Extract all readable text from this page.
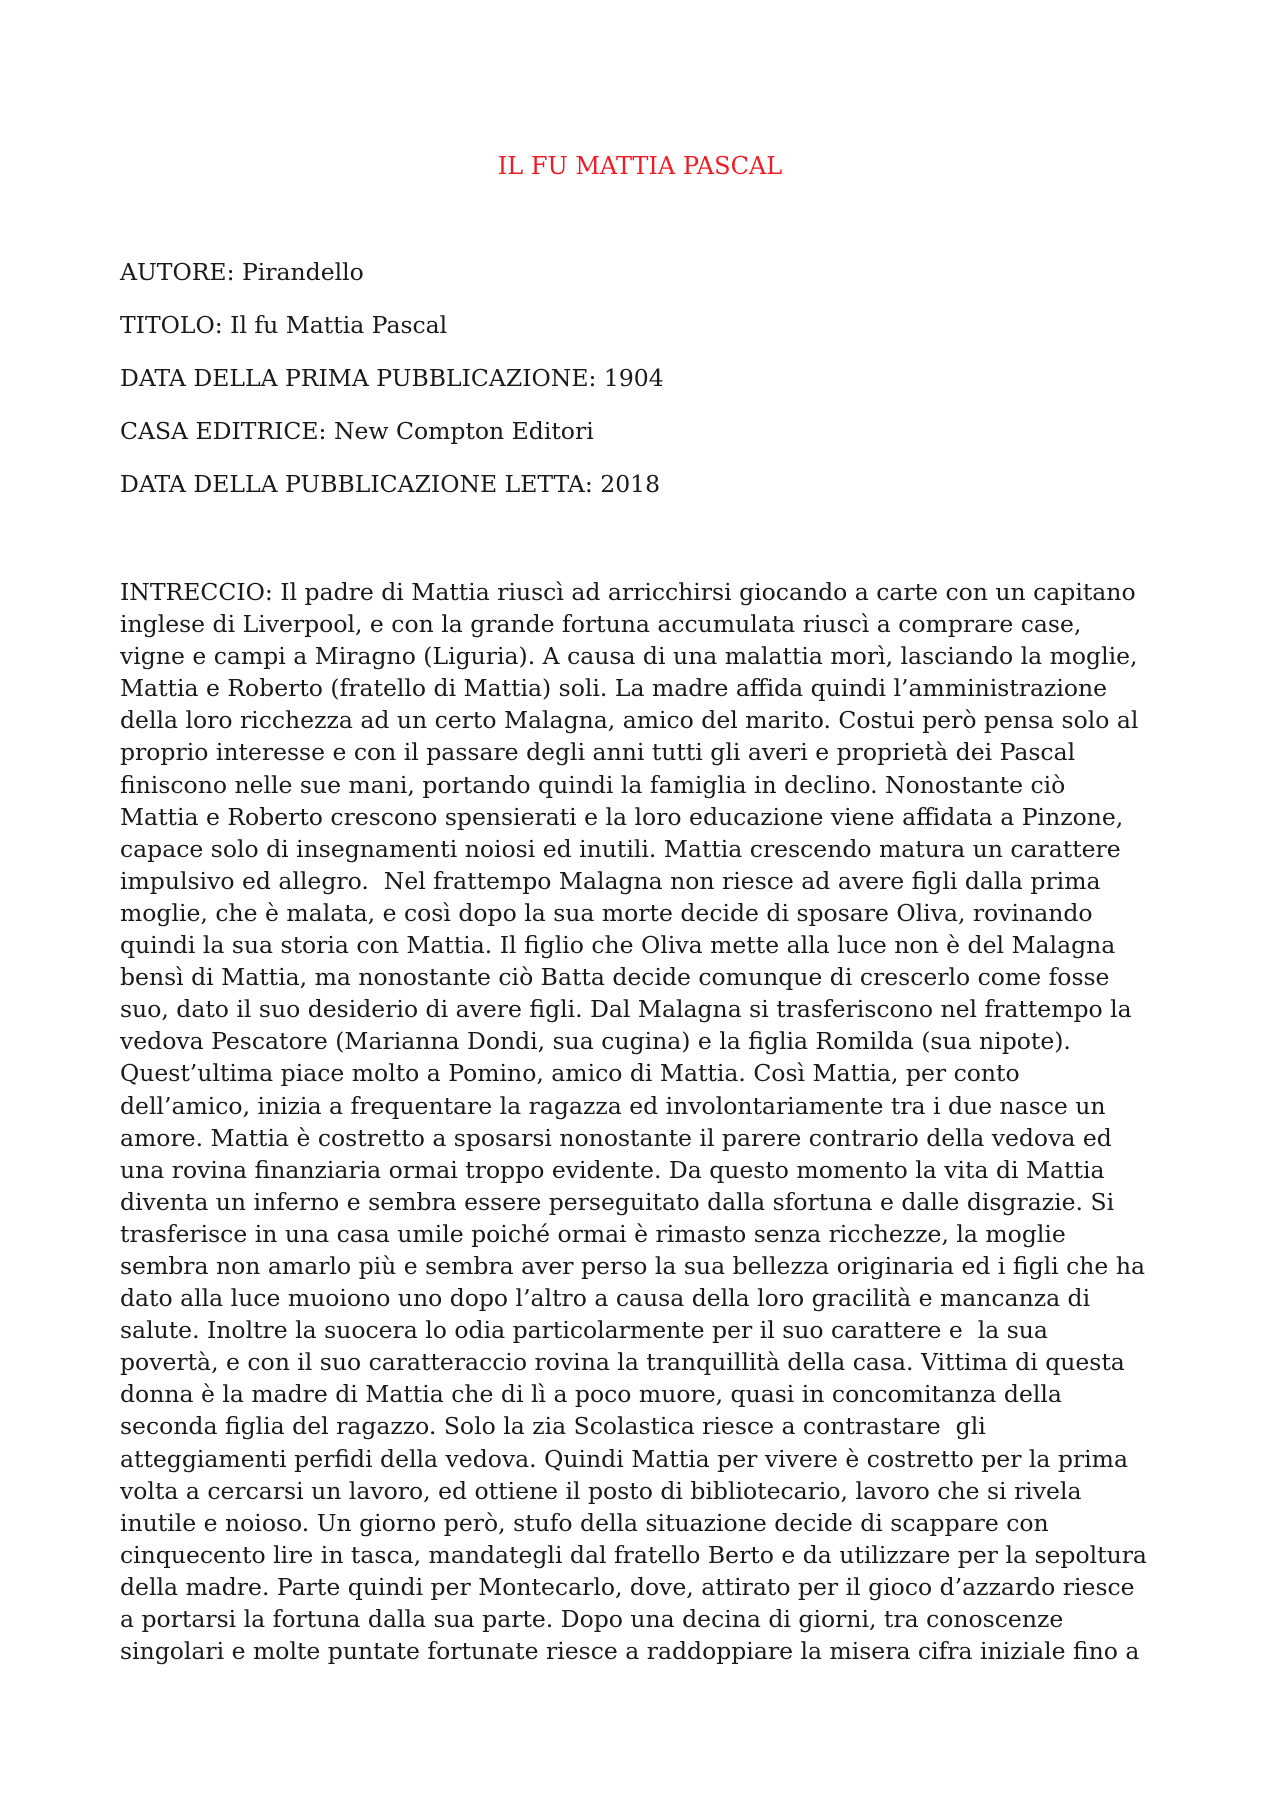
IL FU MATTIA PASCAL
AUTORE: Pirandello
TITOLO: Il fu Mattia Pascal
DATA DELLA PRIMA PUBBLICAZIONE: 1904
CASA EDITRICE: New Compton Editori
DATA DELLA PUBBLICAZIONE LETTA: 2018
INTRECCIO: Il padre di Mattia riuscì ad arricchirsi giocando a carte con un capitano
inglese di Liverpool, e con la grande fortuna accumulata riuscì a comprare case,
vigne e campi a Miragno (Liguria). A causa di una malattia morì, lasciando la moglie,
Mattia e Roberto (fratello di Mattia) soli. La madre affida quindi l’amministrazione
della loro ricchezza ad un certo Malagna, amico del marito. Costui però pensa solo al
proprio interesse e con il passare degli anni tutti gli averi e proprietà dei Pascal
finiscono nelle sue mani, portando quindi la famiglia in declino. Nonostante ciò
Mattia e Roberto crescono spensierati e la loro educazione viene affidata a Pinzone,
capace solo di insegnamenti noiosi ed inutili. Mattia crescendo matura un carattere
impulsivo ed allegro.  Nel frattempo Malagna non riesce ad avere figli dalla prima
moglie, che è malata, e così dopo la sua morte decide di sposare Oliva, rovinando
quindi la sua storia con Mattia. Il figlio che Oliva mette alla luce non è del Malagna
bensì di Mattia, ma nonostante ciò Batta decide comunque di crescerlo come fosse
suo, dato il suo desiderio di avere figli. Dal Malagna si trasferiscono nel frattempo la
vedova Pescatore (Marianna Dondi, sua cugina) e la figlia Romilda (sua nipote).
Quest’ultima piace molto a Pomino, amico di Mattia. Così Mattia, per conto
dell’amico, inizia a frequentare la ragazza ed involontariamente tra i due nasce un
amore. Mattia è costretto a sposarsi nonostante il parere contrario della vedova ed
una rovina finanziaria ormai troppo evidente. Da questo momento la vita di Mattia
diventa un inferno e sembra essere perseguitato dalla sfortuna e dalle disgrazie. Si
trasferisce in una casa umile poiché ormai è rimasto senza ricchezze, la moglie
sembra non amarlo più e sembra aver perso la sua bellezza originaria ed i figli che ha
dato alla luce muoiono uno dopo l’altro a causa della loro gracilità e mancanza di
salute. Inoltre la suocera lo odia particolarmente per il suo carattere e  la sua
povertà, e con il suo caratteraccio rovina la tranquillità della casa. Vittima di questa
donna è la madre di Mattia che di lì a poco muore, quasi in concomitanza della
seconda figlia del ragazzo. Solo la zia Scolastica riesce a contrastare  gli
atteggiamenti perfidi della vedova. Quindi Mattia per vivere è costretto per la prima
volta a cercarsi un lavoro, ed ottiene il posto di bibliotecario, lavoro che si rivela
inutile e noioso. Un giorno però, stufo della situazione decide di scappare con
cinquecento lire in tasca, mandategli dal fratello Berto e da utilizzare per la sepoltura
della madre. Parte quindi per Montecarlo, dove, attirato per il gioco d’azzardo riesce
a portarsi la fortuna dalla sua parte. Dopo una decina di giorni, tra conoscenze
singolari e molte puntate fortunate riesce a raddoppiare la misera cifra iniziale fino a
